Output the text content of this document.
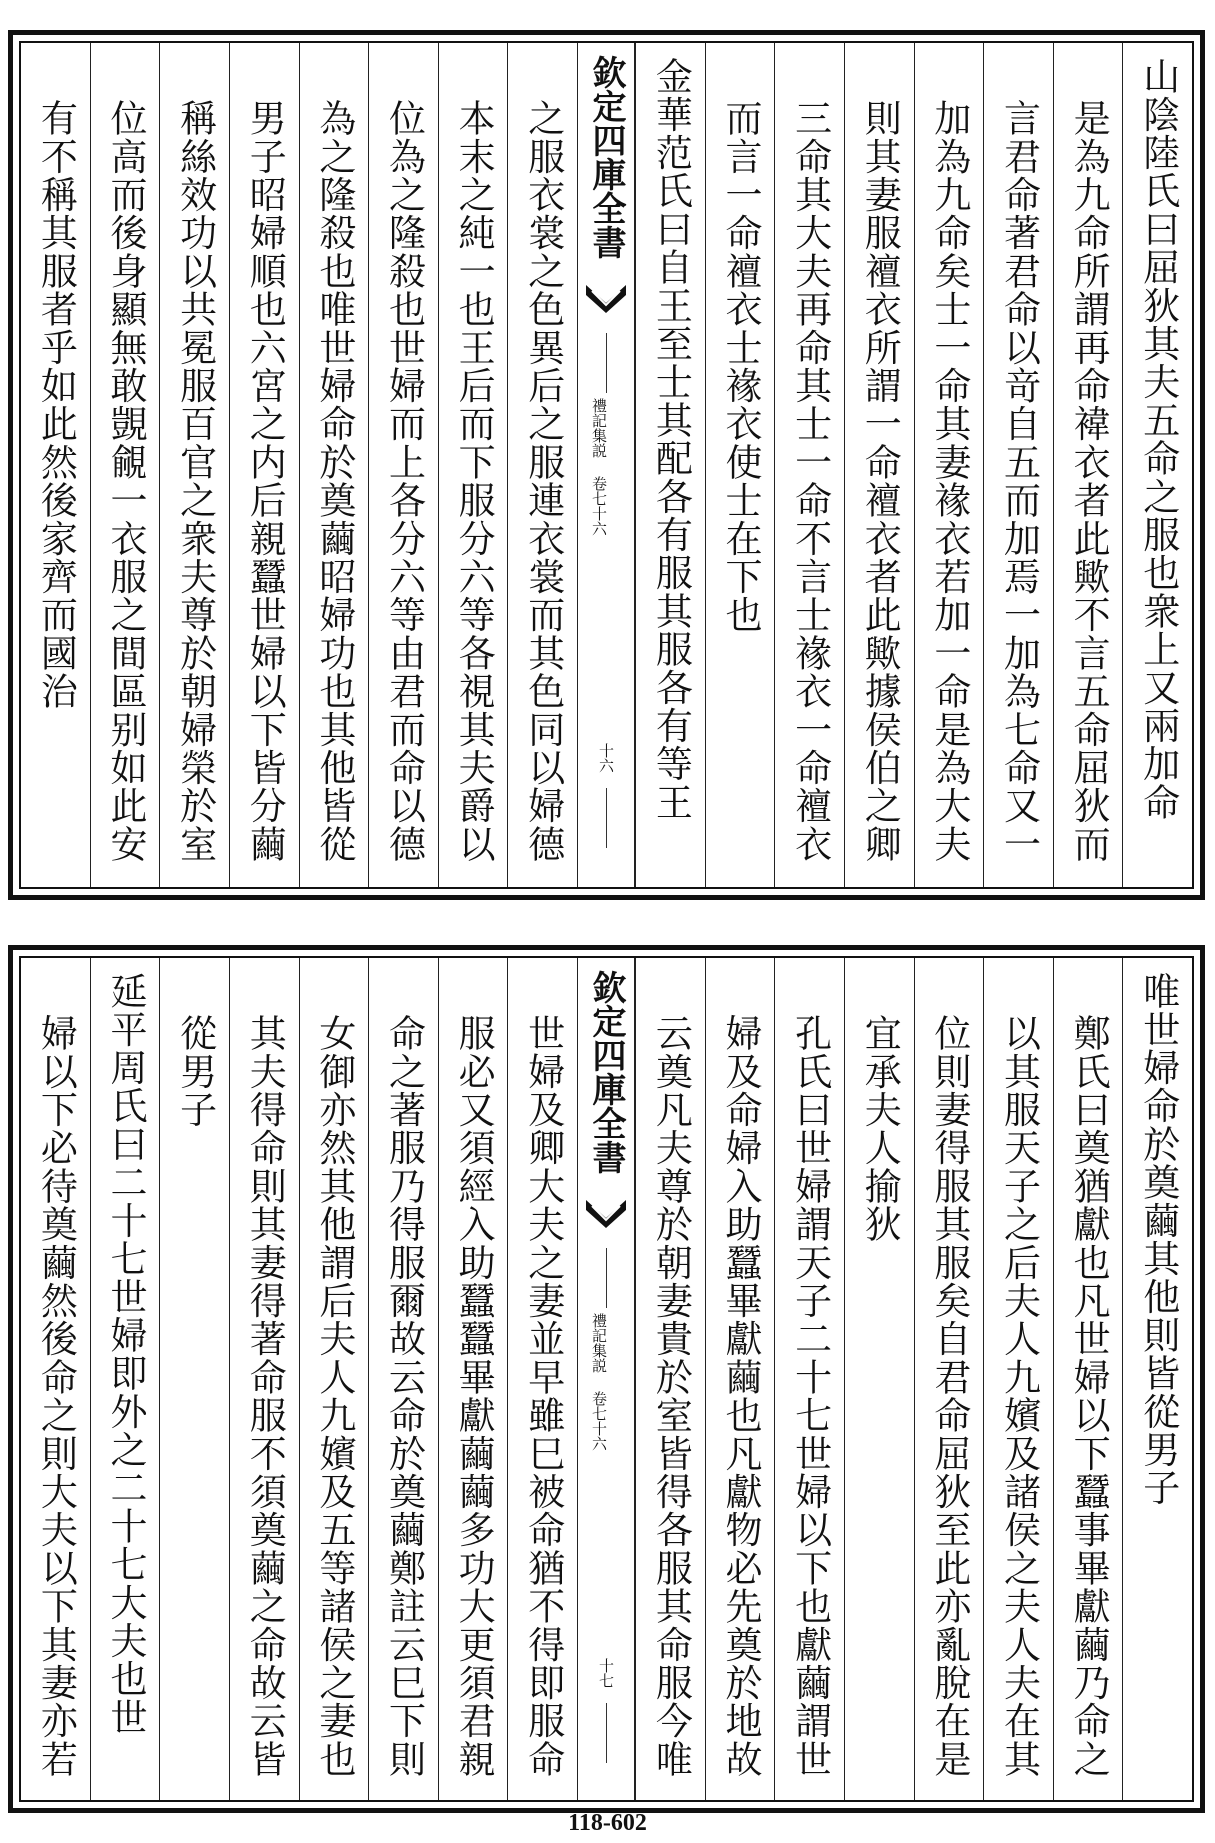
山陰陸氏曰屈狄其夫五命之服也衆上又兩加命
是為九命所謂再命褘衣者此歟不言五命屈狄而
言君命著君命以竒自五而加焉一加為七命又一
加為九命矣士一命其妻褖衣若加一命是為大夫
則其妻服襢衣所謂一命襢衣者此歟據侯伯之卿
三命其大夫再命其士一命不言士褖衣一命襢衣
而言一命襢衣士褖衣使士在下也
金華范氏曰自王至士其配各有服其服各有等王
欽定四庫全書
禮記集説 卷七十六
十六
之服衣裳之色異后之服連衣裳而其色同以婦德
本末之純一也王后而下服分六等各視其夫爵以
位為之隆殺也世婦而上各分六等由君而命以德
為之隆殺也唯世婦命於奠繭昭婦功也其他皆從
男子昭婦順也六宮之内后親蠶世婦以下皆分繭
稱絲效功以共冕服百官之衆夫尊於朝婦榮於室
位高而後身顯無敢覬覦一衣服之間區别如此安
有不稱其服者乎如此然後家齊而國治
唯世婦命於奠繭其他則皆從男子
鄭氏曰奠猶獻也凡世婦以下蠶事畢獻繭乃命之
以其服天子之后夫人九嬪及諸侯之夫人夫在其
位則妻得服其服矣自君命屈狄至此亦亂脫在是
宜承夫人揄狄
孔氏曰世婦謂天子二十七世婦以下也獻繭謂世
婦及命婦入助蠶畢獻繭也凡獻物必先奠於地故
云奠凡夫尊於朝妻貴於室皆得各服其命服今唯
欽定四庫全書
禮記集説 卷七十六
十七
世婦及卿大夫之妻並早雖巳被命猶不得即服命
服必又須經入助蠶蠶畢獻繭繭多功大更須君親
命之著服乃得服爾故云命於奠繭鄭註云巳下則
女御亦然其他謂后夫人九嬪及五等諸侯之妻也
其夫得命則其妻得著命服不須奠繭之命故云皆
從男子
延平周氏曰二十七世婦即外之二十七大夫也世
婦以下必待奠繭然後命之則大夫以下其妻亦若
118-602
